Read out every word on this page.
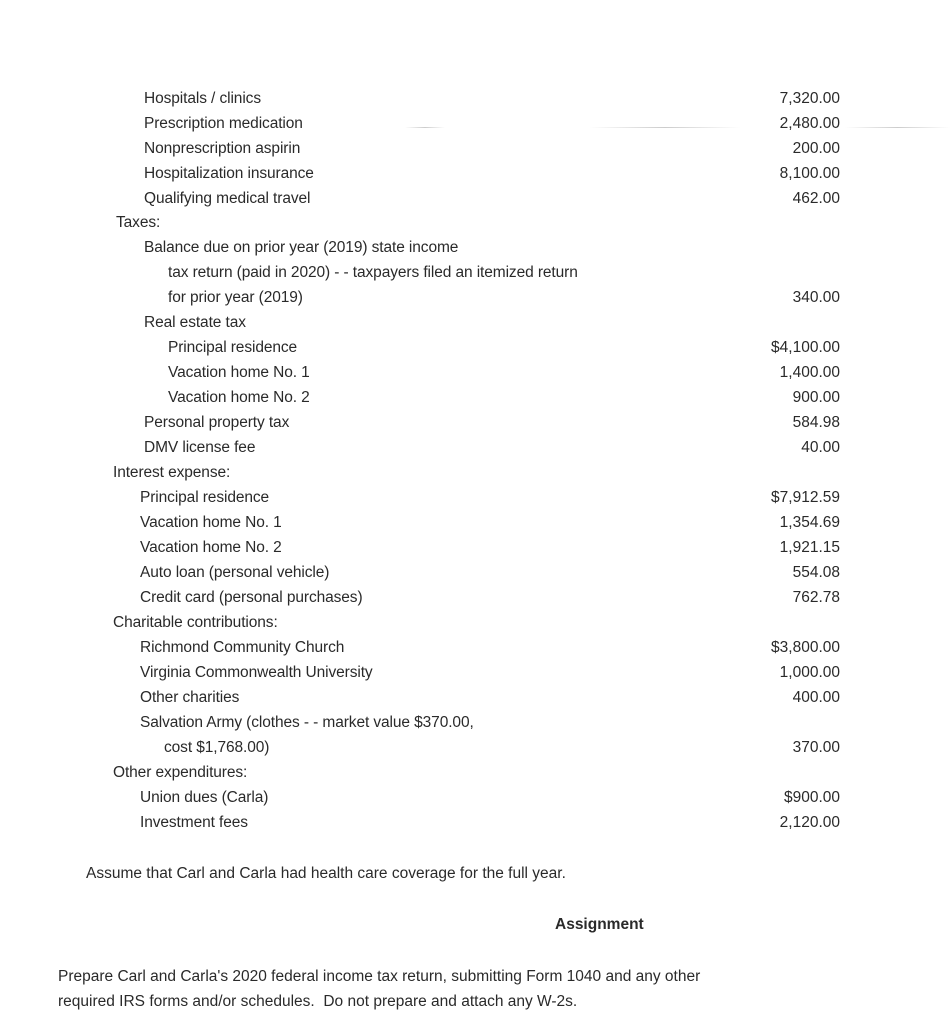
Hospitals / clinics	7,320.00
Prescription medication	2,480.00
Nonprescription aspirin	200.00
Hospitalization insurance	8,100.00
Qualifying medical travel	462.00
Taxes:
Balance due on prior year (2019) state income
tax return (paid in 2020) - - taxpayers filed an itemized return
for prior year (2019)	340.00
Real estate tax
Principal residence	$4,100.00
Vacation home No. 1	1,400.00
Vacation home No. 2	900.00
Personal property tax	584.98
DMV license fee	40.00
Interest expense:
Principal residence	$7,912.59
Vacation home No. 1	1,354.69
Vacation home No. 2	1,921.15
Auto loan (personal vehicle)	554.08
Credit card (personal purchases)	762.78
Charitable contributions:
Richmond Community Church	$3,800.00
Virginia Commonwealth University	1,000.00
Other charities	400.00
Salvation Army (clothes - - market value $370.00,
cost $1,768.00)	370.00
Other expenditures:
Union dues (Carla)	$900.00
Investment fees	2,120.00
Assume that Carl and Carla had health care coverage for the full year.
Assignment
Prepare Carl and Carla's 2020 federal income tax return, submitting Form 1040 and any other
required IRS forms and/or schedules.  Do not prepare and attach any W-2s.
